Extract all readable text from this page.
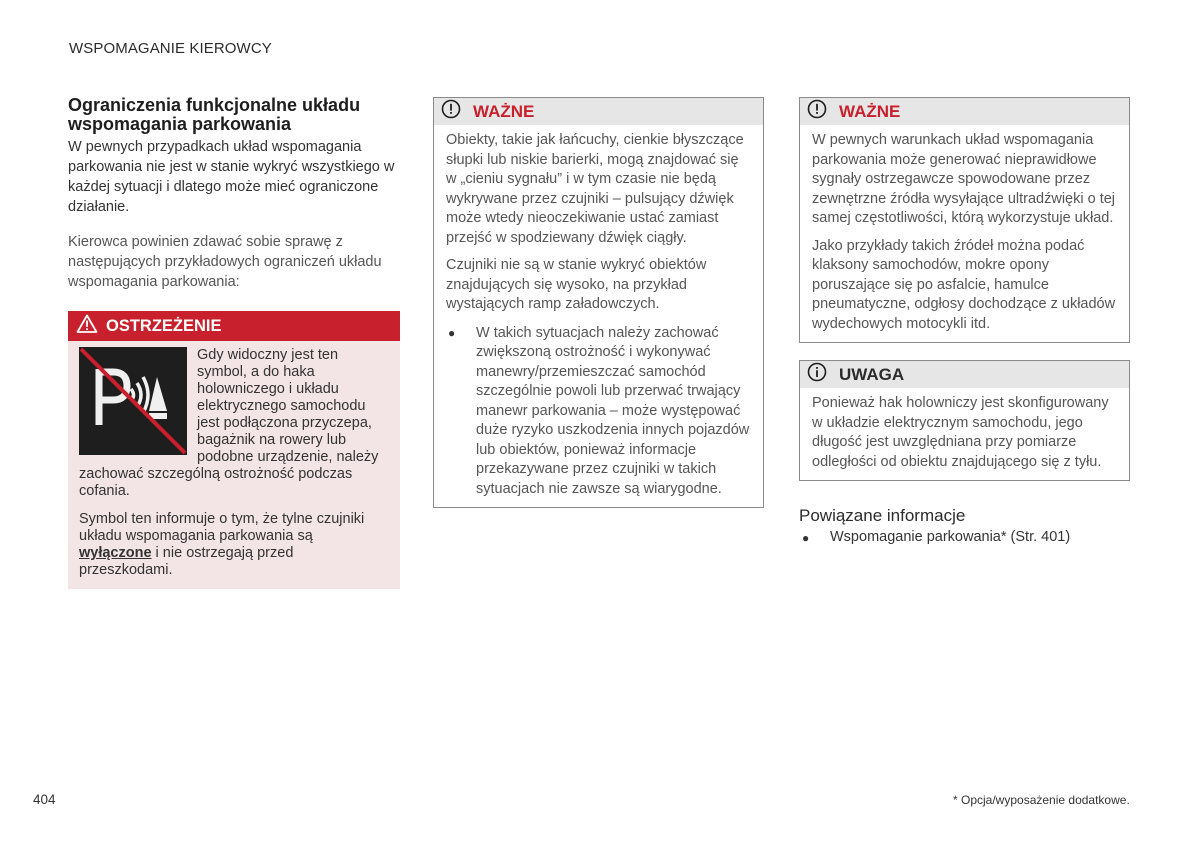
WSPOMAGANIE KIEROWCY
Ograniczenia funkcjonalne układu wspomagania parkowania

W pewnych przypadkach układ wspomagania parkowania nie jest w stanie wykryć wszystkiego w każdej sytuacji i dlatego może mieć ograniczone działanie.

Kierowca powinien zdawać sobie sprawę z następujących przykładowych ograniczeń układu wspomagania parkowania:

OSTRZEŻENIE

Gdy widoczny jest ten symbol, a do haka holowniczego i układu elektrycznego samochodu jest podłączona przyczepa, bagażnik na rowery lub podobne urządzenie, należy zachować szczególną ostrożność podczas cofania.

Symbol ten informuje o tym, że tylne czujniki układu wspomagania parkowania są wyłączone i nie ostrzegają przed przeszkodami.

WAŻNE

Obiekty, takie jak łańcuchy, cienkie błyszczące słupki lub niskie barierki, mogą znajdować się w „cieniu sygnału” i w tym czasie nie będą wykrywane przez czujniki – pulsujący dźwięk może wtedy nieoczekiwanie ustać zamiast przejść w spodziewany dźwięk ciągły.

Czujniki nie są w stanie wykryć obiektów znajdujących się wysoko, na przykład wystających ramp załadowczych.

●	W takich sytuacjach należy zachować zwiększoną ostrożność i wykonywać manewry/przemieszczać samochód szczególnie powoli lub przerwać trwający manewr parkowania – może występować duże ryzyko uszkodzenia innych pojazdów lub obiektów, ponieważ informacje przekazywane przez czujniki w takich sytuacjach nie zawsze są wiarygodne.
WAŻNE

W pewnych warunkach układ wspomagania parkowania może generować nieprawidłowe sygnały ostrzegawcze spowodowane przez zewnętrzne źródła wysyłające ultradźwięki o tej samej częstotliwości, którą wykorzystuje układ.

Jako przykłady takich źródeł można podać klaksony samochodów, mokre opony poruszające się po asfalcie, hamulce pneumatyczne, odgłosy dochodzące z układów wydechowych motocykli itd.

UWAGA

Ponieważ hak holowniczy jest skonfigurowany w układzie elektrycznym samochodu, jego długość jest uwzględniana przy pomiarze odległości od obiektu znajdującego się z tyłu.

Powiązane informacje
●	Wspomaganie parkowania* (Str. 401)
404	* Opcja/wyposażenie dodatkowe.
